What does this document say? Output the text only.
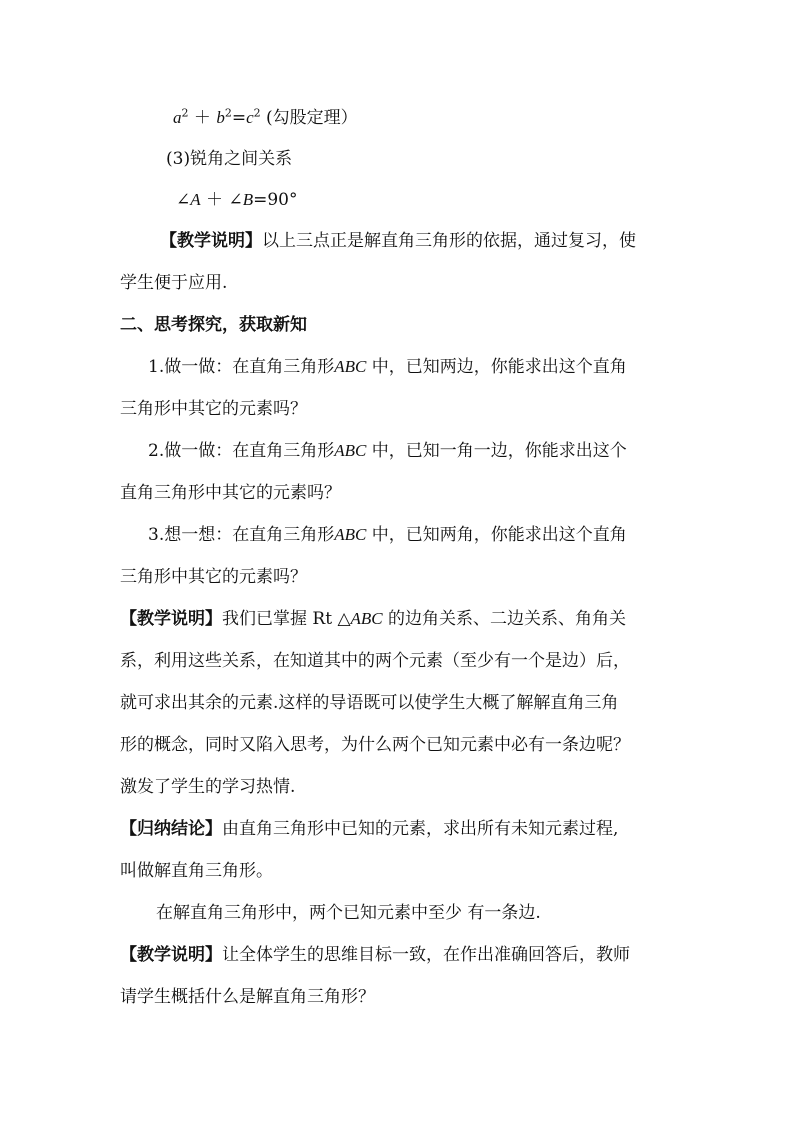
$a^2 + b^2=c^2$ (勾股定理）
(3)锐角之间关系
∠A ＋ ∠B=90°
【教学说明】以上三点正是解直角三角形的依据，通过复习，使
学生便于应用.
二、思考探究，获取新知
1.做一做：在直角三角形ABC 中，已知两边，你能求出这个直角
三角形中其它的元素吗？
2.做一做：在直角三角形ABC 中，已知一角一边，你能求出这个
直角三角形中其它的元素吗？
3.想一想：在直角三角形ABC 中，已知两角，你能求出这个直角
三角形中其它的元素吗？
【教学说明】我们已掌握 Rt △ABC 的边角关系、二边关系、角角关
系，利用这些关系，在知道其中的两个元素（至少有一个是边）后，
就可求出其余的元素.这样的导语既可以使学生大概了解解直角三角
形的概念，同时又陷入思考，为什么两个已知元素中必有一条边呢？
激发了学生的学习热情.
【归纳结论】由直角三角形中已知的元素，求出所有未知元素过程,
叫做解直角三角形。
在解直角三角形中，两个已知元素中至少 有一条边.
【教学说明】让全体学生的思维目标一致，在作出准确回答后，教师
请学生概括什么是解直角三角形？
